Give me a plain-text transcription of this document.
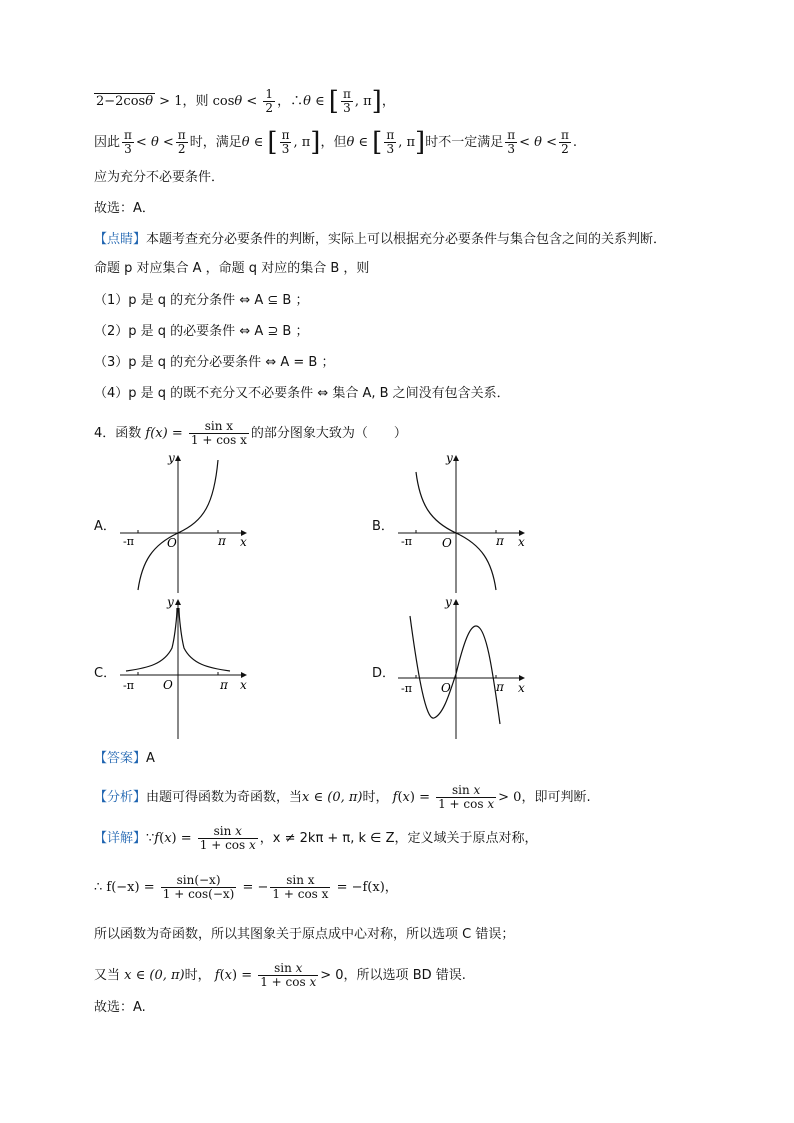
2−2cosθ > 1，则 $\cos\theta < \frac{1}{2}$ ，∴θ ∈ [ $\frac{\pi}{3}$ , π]，
因此 $\frac{\pi}{3} < \theta < \frac{\pi}{2}$ 时，满足θ ∈ [ $\frac{\pi}{3}$ , π]，但θ ∈ [ $\frac{\pi}{3}$ , π]时不一定满足 $\frac{\pi}{3} < \theta < \frac{\pi}{2}$ .
应为充分不必要条件．
故选：A．
【点睛】本题考查充分必要条件的判断，实际上可以根据充分必要条件与集合包含之间的关系判断．
命题 p 对应集合 A ，命题 q 对应的集合 B ，则
（1）p 是 q 的充分条件 ⇔ A ⊆ B ；
（2）p 是 q 的必要条件 ⇔ A ⊇ B ；
（3）p 是 q 的充分必要条件 ⇔ A = B ；
（4）p 是 q 的既不充分又不必要条件 ⇔ 集合 A, B 之间没有包含关系．
4．函数 $f(x) = \frac{\text{sin x}}{\text{1 + cos x}}$ 的部分图象大致为（　　）
A．	B．
C．	D．
-π	O	π x
y
-π	O	π x
y
-π O	π x
y
-π O	π x
y
【答案】A
【分析】由题可得函数为奇函数，当x ∈ (0, π)时， $f(x) = \frac{\text{sin x}}{\text{1 + cos x}} > 0$，即可判断.
【详解】∵f(x) = $\frac{\text{sin x}}{\text{1 + cos x}}$ ，x ≠ 2kπ + π, k ∈ Z，定义域关于原点对称，
∴ $f(-x) = \frac{\sin(-x)}{1 + \cos(-x)}$ = − $\frac{\text{sin x}}{\text{1 + cos x}} = -f(x)$，
所以函数为奇函数，所以其图象关于原点成中心对称，所以选项 C 错误；
又当 x ∈ (0, π)时， $f(x) = \frac{\text{sin x}}{\text{1 + cos x}} > 0$，所以选项 BD 错误.
故选：A.
